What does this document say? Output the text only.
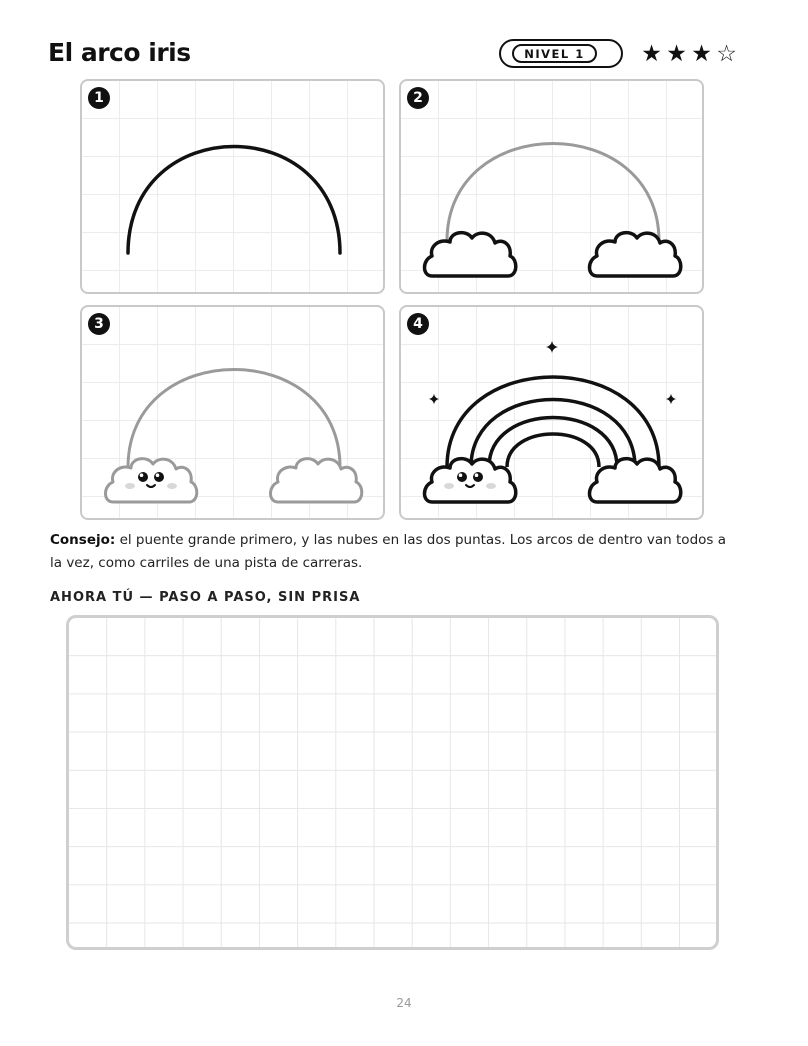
El arco iris	NIVEL 1	★ ★ ★ ☆
1	2
3	4

Consejo: el puente grande primero, y las nubes en las dos puntas. Los arcos de dentro van todos a la vez, como carriles de una pista de carreras.

AHORA TÚ — PASO A PASO, SIN PRISA
24
